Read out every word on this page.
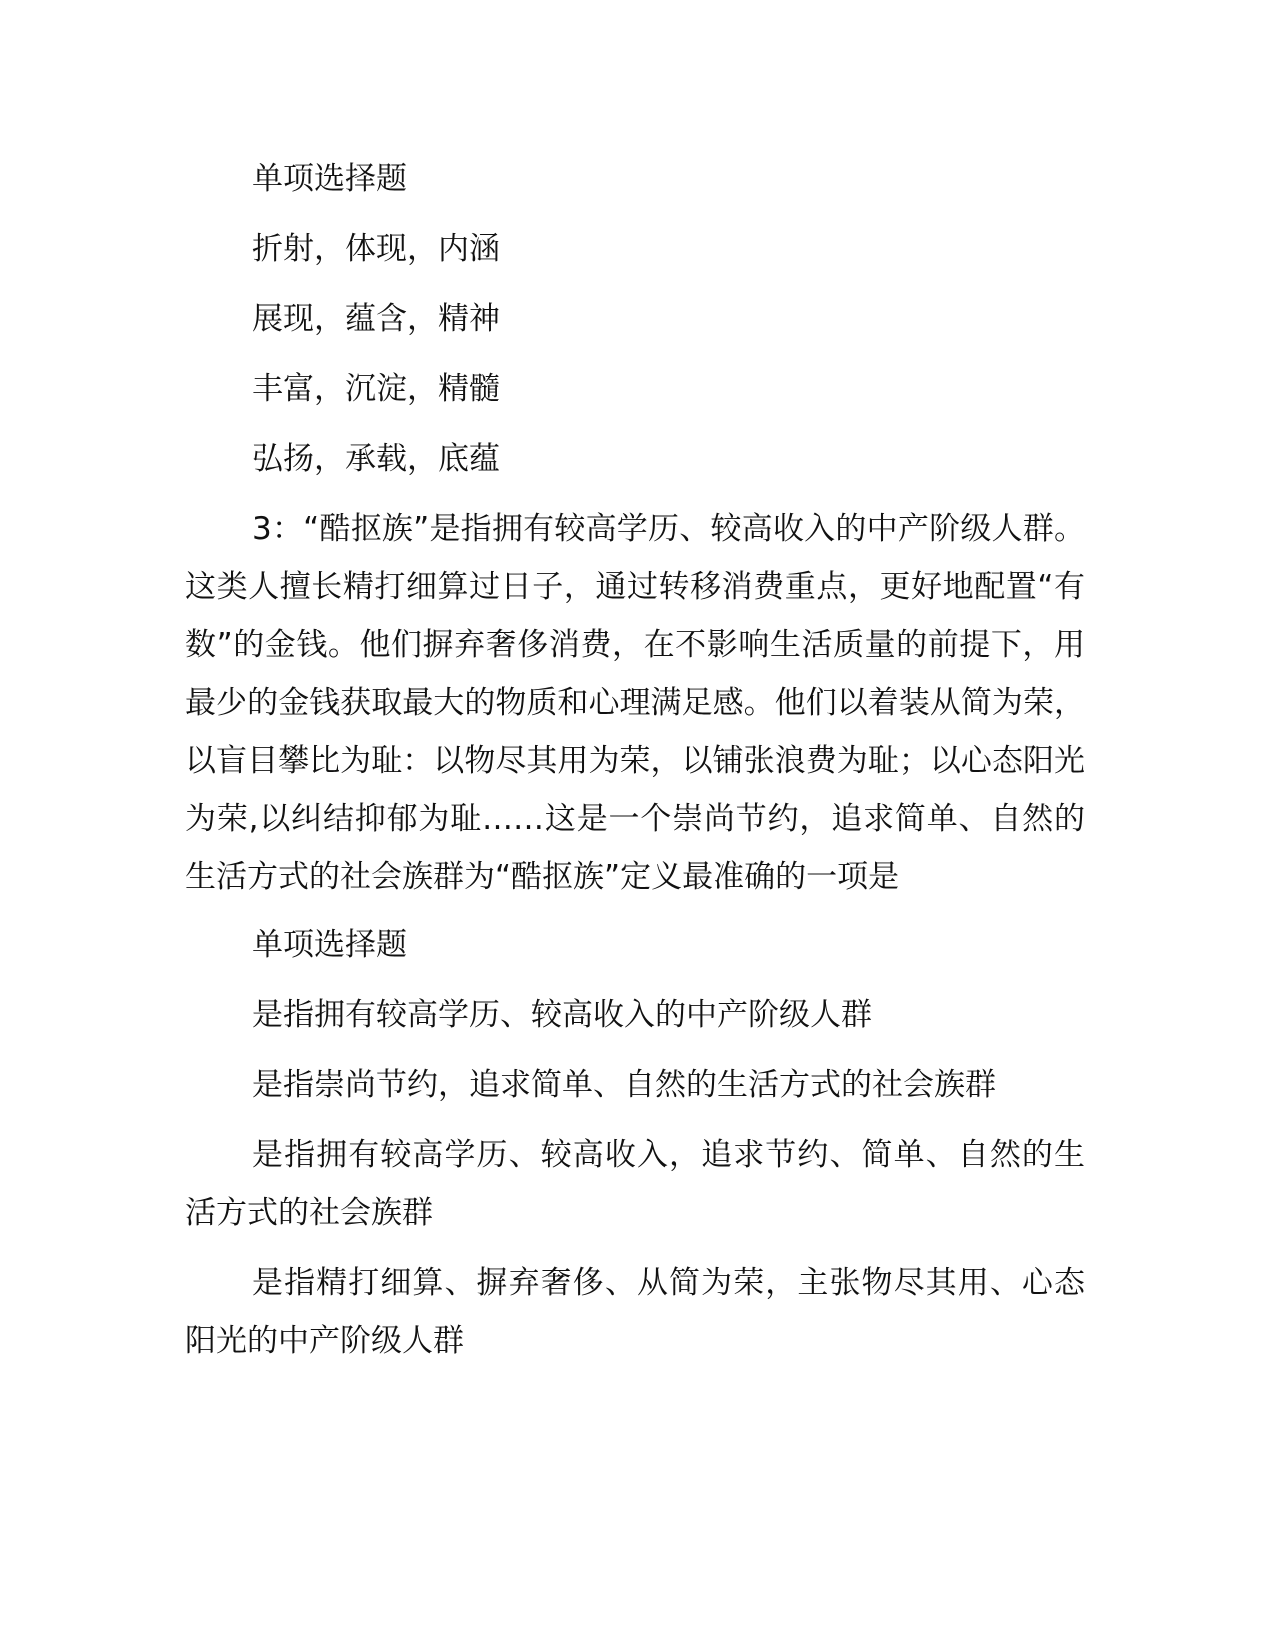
单项选择题

折射，体现，内涵

展现，蕴含，精神

丰富，沉淀，精髓

弘扬，承载，底蕴

3：“酷抠族”是指拥有较高学历、较高收入的中产阶级人群。这类人擅长精打细算过日子，通过转移消费重点，更好地配置“有数”的金钱。他们摒弃奢侈消费，在不影响生活质量的前提下，用最少的金钱获取最大的物质和心理满足感。他们以着装从简为荣，以盲目攀比为耻：以物尽其用为荣，以铺张浪费为耻；以心态阳光为荣,以纠结抑郁为耻……这是一个崇尚节约，追求简单、自然的生活方式的社会族群为“酷抠族”定义最准确的一项是

单项选择题

是指拥有较高学历、较高收入的中产阶级人群

是指崇尚节约，追求简单、自然的生活方式的社会族群

是指拥有较高学历、较高收入，追求节约、简单、自然的生活方式的社会族群

是指精打细算、摒弃奢侈、从简为荣，主张物尽其用、心态阳光的中产阶级人群
